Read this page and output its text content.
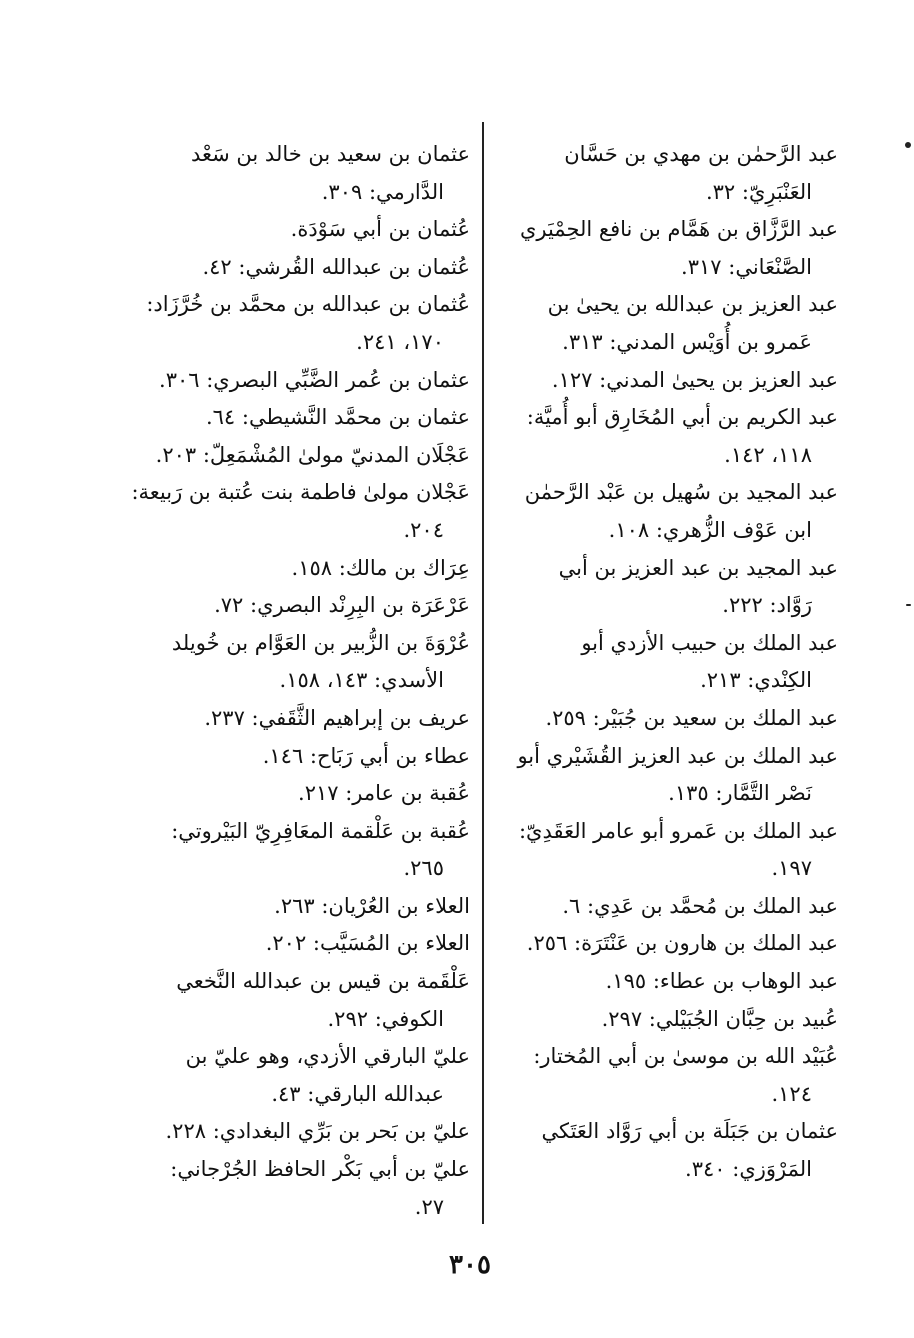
عبد الرَّحمٰن بن مهدي بن حَسَّان
العَنْبَرِيّ: ٣٢.
عبد الرَّزَّاق بن هَمَّام بن نافع الحِمْيَري
الصَّنْعَاني: ٣١٧.
عبد العزيز بن عبدالله بن يحيىٰ بن
عَمرو بن أُوَيْس المدني: ٣١٣.
عبد العزيز بن يحيىٰ المدني: ١٢٧.
عبد الكريم بن أبي المُخَارِق أبو أُميَّة:
١١٨، ١٤٢.
عبد المجيد بن سُهيل بن عَبْد الرَّحمٰن
ابن عَوْف الزُّهري: ١٠٨.
عبد المجيد بن عبد العزيز بن أبي
رَوَّاد: ٢٢٢.
عبد الملك بن حبيب الأزدي أبو
الكِنْدي: ٢١٣.
عبد الملك بن سعيد بن جُبَيْر: ٢٥٩.
عبد الملك بن عبد العزيز القُشَيْري أبو
نَصْر التَّمَّار: ١٣٥.
عبد الملك بن عَمرو أبو عامر العَقَدِيّ:
١٩٧.
عبد الملك بن مُحمَّد بن عَدِي: ٦.
عبد الملك بن هارون بن عَنْتَرَة: ٢٥٦.
عبد الوهاب بن عطاء: ١٩٥.
عُبيد بن حِبَّان الجُبَيْلي: ٢٩٧.
عُبَيْد الله بن موسىٰ بن أبي المُختار:
١٢٤.
عثمان بن جَبَلَة بن أبي رَوَّاد العَتَكي
المَرْوَزي: ٣٤٠.
عثمان بن سعيد بن خالد بن سَعْد
الدَّارمي: ٣٠٩.
عُثمان بن أبي سَوْدَة.
عُثمان بن عبدالله القُرشي: ٤٢.
عُثمان بن عبدالله بن محمَّد بن خُرَّزَاد:
١٧٠، ٢٤١.
عثمان بن عُمر الضَّبِّي البصري: ٣٠٦.
عثمان بن محمَّد النَّشيطي: ٦٤.
عَجْلَان المدنيّ مولىٰ المُشْمَعِلّ: ٢٠٣.
عَجْلان مولىٰ فاطمة بنت عُتبة بن رَبيعة:
٢٠٤.
عِرَاك بن مالك: ١٥٨.
عَرْعَرَة بن البِرِنْد البصري: ٧٢.
عُرْوَةَ بن الزُّبير بن العَوَّام بن خُويلد
الأسدي: ١٤٣، ١٥٨.
عريف بن إبراهيم الثَّقَفي: ٢٣٧.
عطاء بن أبي رَبَاح: ١٤٦.
عُقبة بن عامر: ٢١٧.
عُقبة بن عَلْقمة المعَافِرِيّ البَيْروتي:
٢٦٥.
العلاء بن العُرْيان: ٢٦٣.
العلاء بن المُسَيَّب: ٢٠٢.
عَلْقَمة بن قيس بن عبدالله النَّخعي
الكوفي: ٢٩٢.
عليّ البارقي الأزدي، وهو عليّ بن
عبدالله البارقي: ٤٣.
عليّ بن بَحر بن بَرِّي البغدادي: ٢٢٨.
عليّ بن أبي بَكْر الحافظ الجُرْجاني:
٢٧.
٣٠٥
